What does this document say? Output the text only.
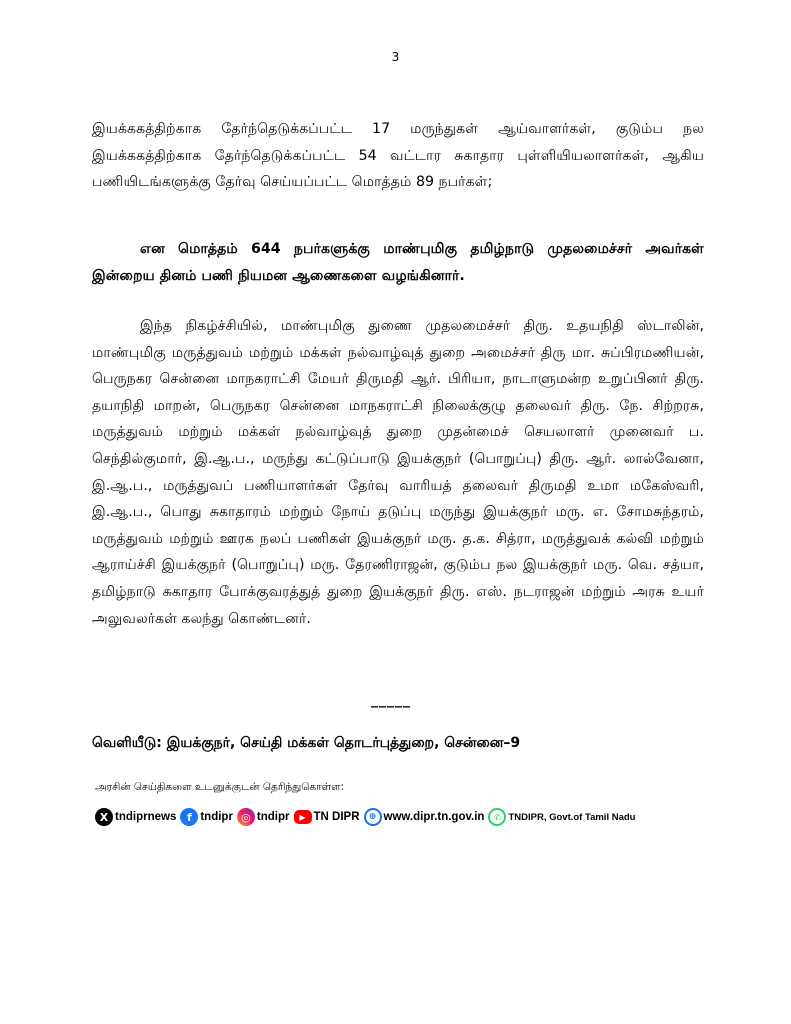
3

இயக்ககத்திற்காக தேர்ந்தெடுக்கப்பட்ட 17 மருந்துகள் ஆய்வாளர்கள், குடும்ப நல இயக்ககத்திற்காக தேர்ந்தெடுக்கப்பட்ட 54 வட்டார சுகாதார புள்ளியியலாளர்கள், ஆகிய பணியிடங்களுக்கு தேர்வு செய்யப்பட்ட மொத்தம் 89 நபர்கள்;

என மொத்தம் 644 நபர்களுக்கு மாண்புமிகு தமிழ்நாடு முதலமைச்சர் அவர்கள் இன்றைய தினம் பணி நியமன ஆணைகளை வழங்கினார்.

இந்த நிகழ்ச்சியில், மாண்புமிகு துணை முதலமைச்சர் திரு. உதயநிதி ஸ்டாலின், மாண்புமிகு மருத்துவம் மற்றும் மக்கள் நல்வாழ்வுத் துறை அமைச்சர் திரு மா. சுப்பிரமணியன், பெருநகர சென்னை மாநகராட்சி மேயர் திருமதி ஆர். பிரியா, நாடாளுமன்ற உறுப்பினர் திரு. தயாநிதி மாறன், பெருநகர சென்னை மாநகராட்சி நிலைக்குழு தலைவர் திரு. நே. சிற்றரசு, மருத்துவம் மற்றும் மக்கள் நல்வாழ்வுத் துறை முதன்மைச் செயலாளர் முனைவர் ப. செந்தில்குமார், இ.ஆ.ப., மருந்து கட்டுப்பாடு இயக்குநர் (பொறுப்பு) திரு. ஆர். லால்வேனா, இ.ஆ.ப., மருத்துவப் பணியாளர்கள் தேர்வு வாரியத் தலைவர் திருமதி உமா மகேஸ்வரி, இ.ஆ.ப., பொது சுகாதாரம் மற்றும் நோய் தடுப்பு மருந்து இயக்குநர் மரு. எ. சோமசுந்தரம், மருத்துவம் மற்றும் ஊரக நலப் பணிகள் இயக்குநர் மரு. த.க. சித்ரா, மருத்துவக் கல்வி மற்றும் ஆராய்ச்சி இயக்குநர் (பொறுப்பு) மரு. தேரணிராஜன், குடும்ப நல இயக்குநர் மரு. வெ. சத்யா, தமிழ்நாடு சுகாதார போக்குவரத்துத் துறை இயக்குநர் திரு. எஸ். நடராஜன் மற்றும் அரசு உயர் அலுவலர்கள் கலந்து கொண்டனர்.

_____
வெளியீடு: இயக்குநர், செய்தி மக்கள் தொடர்புத்துறை, சென்னை–9
அரசின் செய்திகளை உடனுக்குடன் தெரிந்துகொள்ள:
X tndiprnews f tndipr ◎ tndipr	▶ TN DIPR	⊕ www.dipr.tn.gov.in	✆ TNDIPR, Govt.of Tamil Nadu
